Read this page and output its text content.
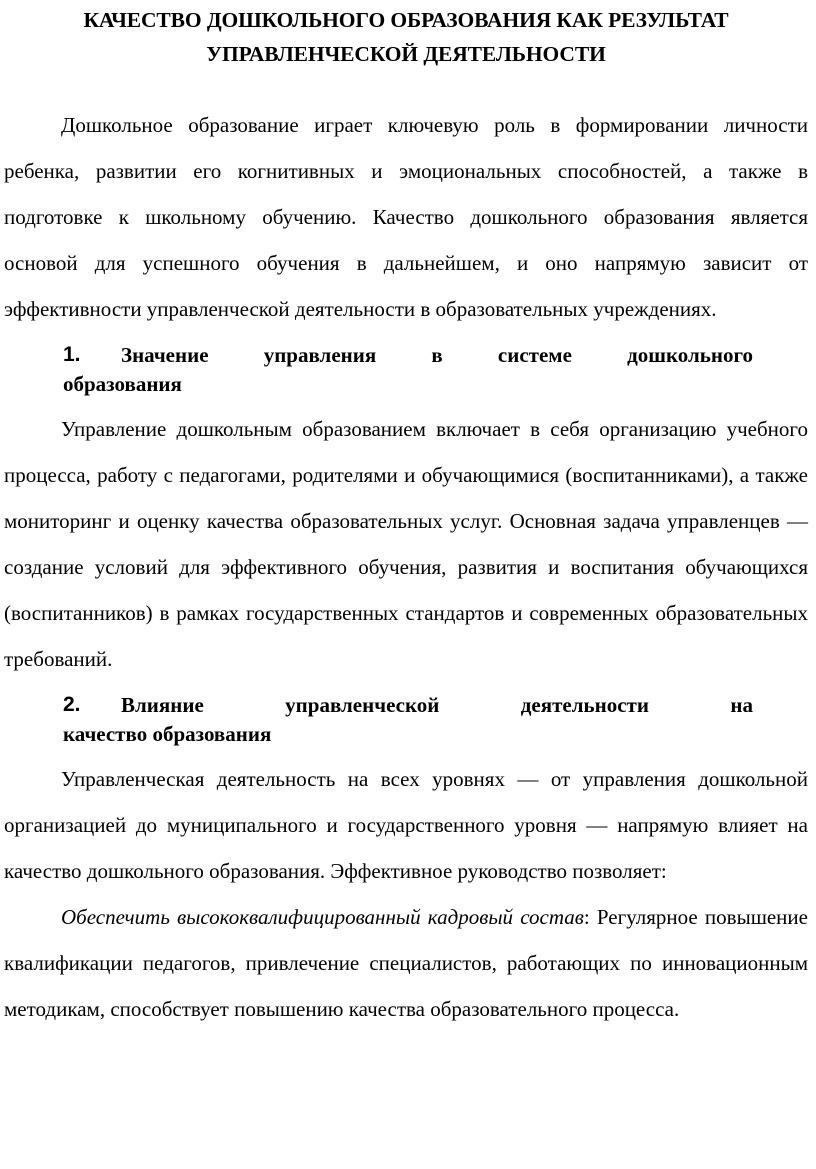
КАЧЕСТВО ДОШКОЛЬНОГО ОБРАЗОВАНИЯ КАК РЕЗУЛЬТАТ
УПРАВЛЕНЧЕСКОЙ ДЕЯТЕЛЬНОСТИ

Дошкольное образование играет ключевую роль в формировании личности ребенка, развитии его когнитивных и эмоциональных способностей, а также в подготовке к школьному обучению. Качество дошкольного образования является основой для успешного обучения в дальнейшем, и оно напрямую зависит от эффективности управленческой деятельности в образовательных учреждениях.

1.	Значение управления в системе дошкольного
образования

Управление дошкольным образованием включает в себя организацию учебного процесса, работу с педагогами, родителями и обучающимися (воспитанниками), а также мониторинг и оценку качества образовательных услуг. Основная задача управленцев — создание условий для эффективного обучения, развития и воспитания обучающихся (воспитанников) в рамках государственных стандартов и современных образовательных требований.

2.	Влияние управленческой деятельности на
качество образования

Управленческая деятельность на всех уровнях — от управления дошкольной организацией до муниципального и государственного уровня — напрямую влияет на качество дошкольного образования. Эффективное руководство позволяет:

Обеспечить высококвалифицированный кадровый состав: Регулярное повышение квалификации педагогов, привлечение специалистов, работающих по инновационным методикам, способствует повышению качества образовательного процесса.
